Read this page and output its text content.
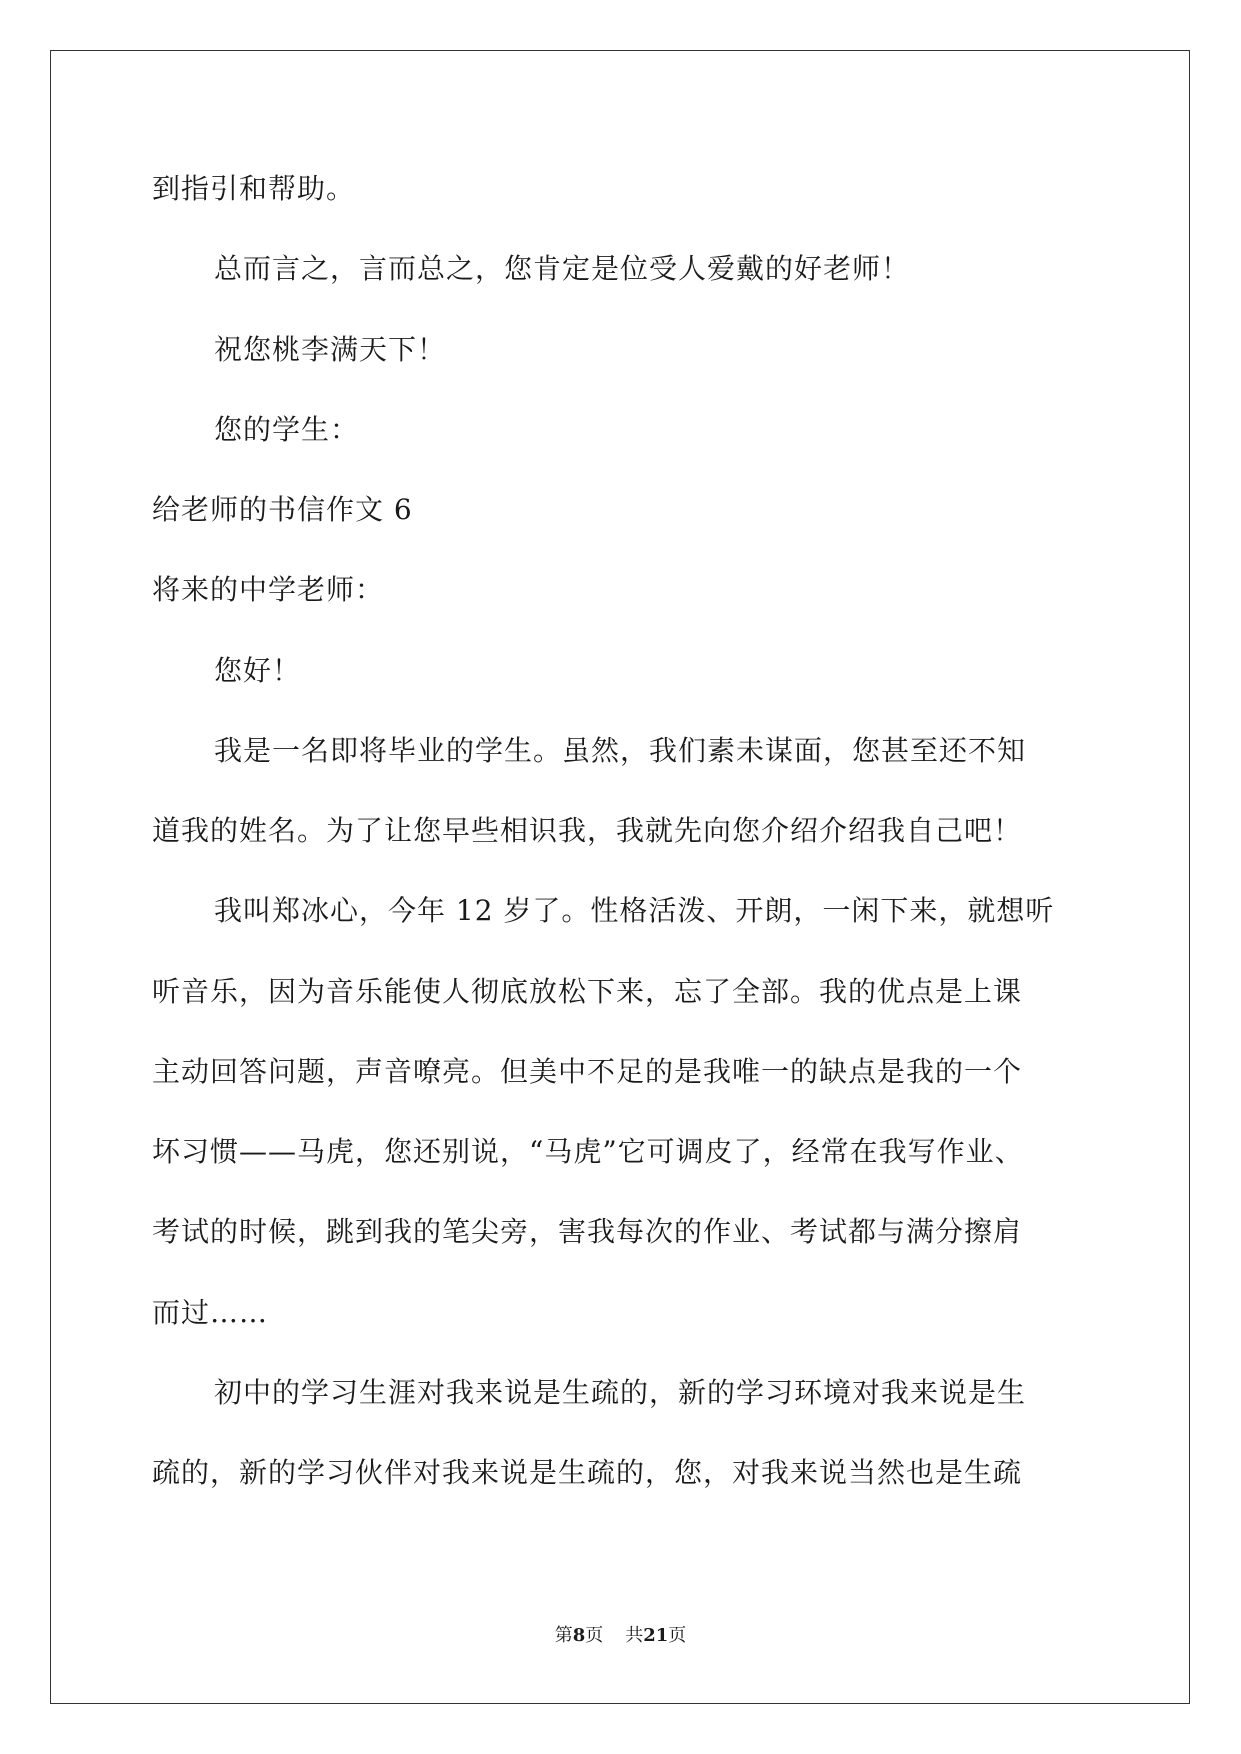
到指引和帮助。
总而言之，言而总之，您肯定是位受人爱戴的好老师！
祝您桃李满天下！
您的学生：
给老师的书信作文 6
将来的中学老师：
您好！
我是一名即将毕业的学生。虽然，我们素未谋面，您甚至还不知
道我的姓名。为了让您早些相识我，我就先向您介绍介绍我自己吧！
我叫郑冰心，今年 12 岁了。性格活泼、开朗，一闲下来，就想听
听音乐，因为音乐能使人彻底放松下来，忘了全部。我的优点是上课
主动回答问题，声音嘹亮。但美中不足的是我唯一的缺点是我的一个
坏习惯——马虎，您还别说，“马虎”它可调皮了，经常在我写作业、
考试的时候，跳到我的笔尖旁，害我每次的作业、考试都与满分擦肩
而过……
初中的学习生涯对我来说是生疏的，新的学习环境对我来说是生
疏的，新的学习伙伴对我来说是生疏的，您，对我来说当然也是生疏
第8页 共21页
